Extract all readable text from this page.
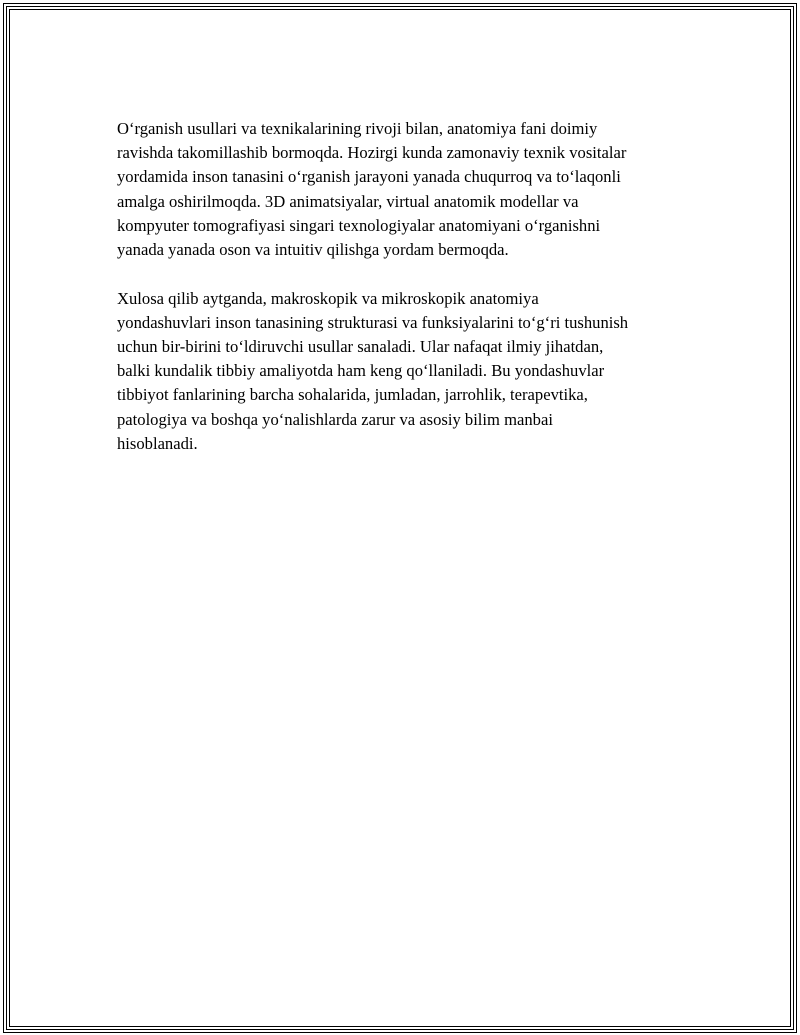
O‘rganish usullari va texnikalarining rivoji bilan, anatomiya fani doimiy
ravishda takomillashib bormoqda. Hozirgi kunda zamonaviy texnik vositalar
yordamida inson tanasini o‘rganish jarayoni yanada chuqurroq va to‘laqonli
amalga oshirilmoqda. 3D animatsiyalar, virtual anatomik modellar va
kompyuter tomografiyasi singari texnologiyalar anatomiyani o‘rganishni
yanada yanada oson va intuitiv qilishga yordam bermoqda.

Xulosa qilib aytganda, makroskopik va mikroskopik anatomiya
yondashuvlari inson tanasining strukturasi va funksiyalarini to‘g‘ri tushunish
uchun bir-birini to‘ldiruvchi usullar sanaladi. Ular nafaqat ilmiy jihatdan,
balki kundalik tibbiy amaliyotda ham keng qo‘llaniladi. Bu yondashuvlar
tibbiyot fanlarining barcha sohalarida, jumladan, jarrohlik, terapevtika,
patologiya va boshqa yo‘nalishlarda zarur va asosiy bilim manbai
hisoblanadi.
